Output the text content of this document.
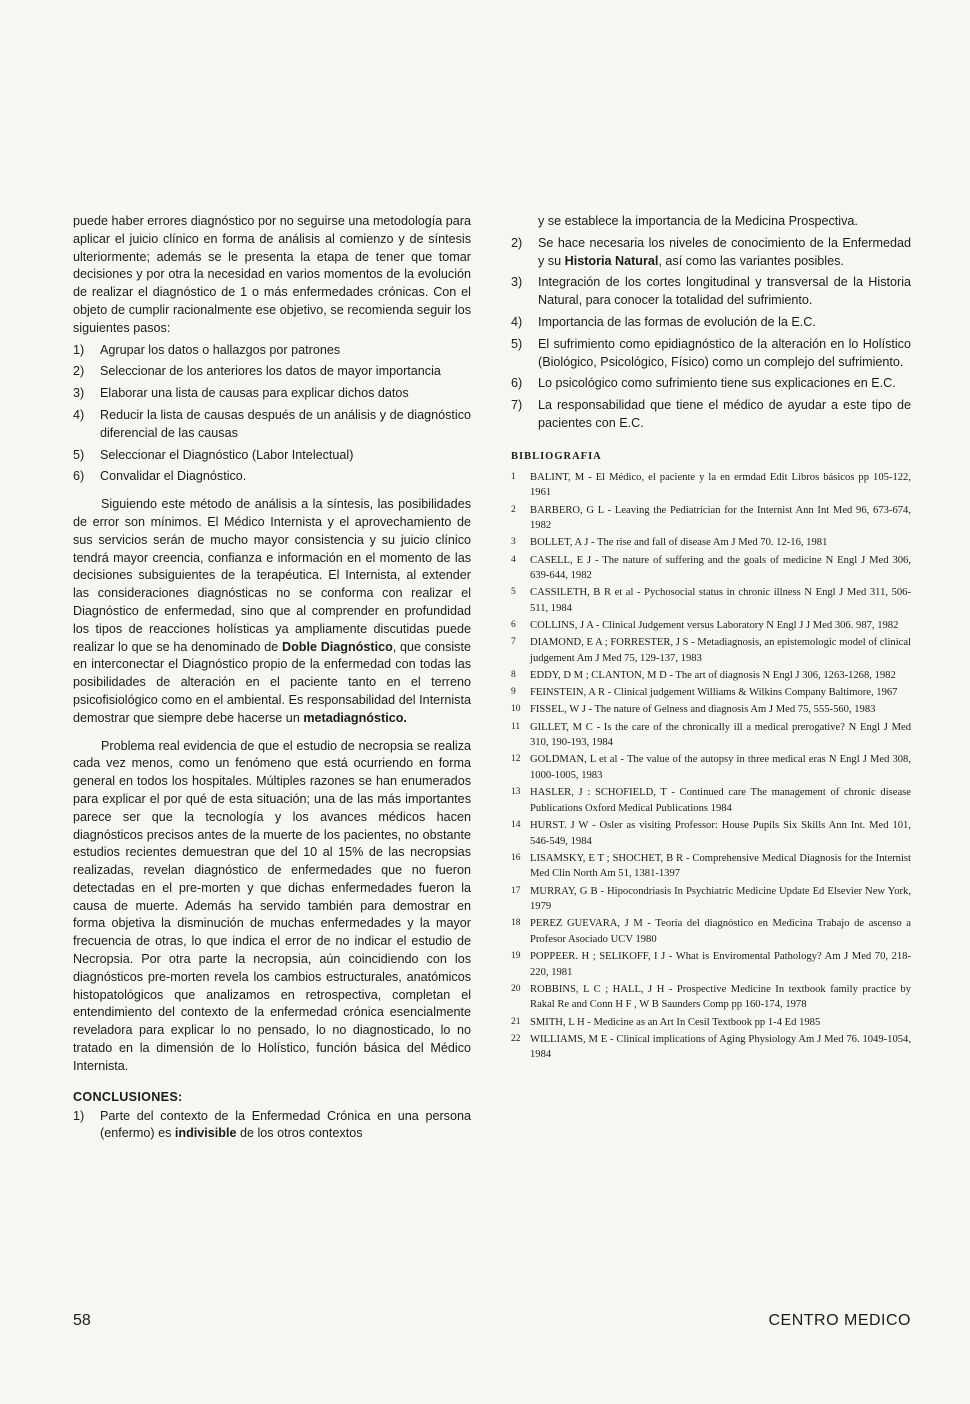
puede haber errores diagnóstico por no seguirse una metodología para aplicar el juicio clínico en forma de análisis al comienzo y de síntesis ulteriormente; además se le presenta la etapa de tener que tomar decisiones y por otra la necesidad en varios momentos de la evolución de realizar el diagnóstico de 1 o más enfermedades crónicas. Con el objeto de cumplir racionalmente ese objetivo, se recomienda seguir los siguientes pasos:

1) Agrupar los datos o hallazgos por patrones
2) Seleccionar de los anteriores los datos de mayor importancia
3) Elaborar una lista de causas para explicar dichos datos
4) Reducir la lista de causas después de un análisis y de diagnóstico diferencial de las causas
5) Seleccionar el Diagnóstico (Labor Intelectual)
6) Convalidar el Diagnóstico.

Siguiendo este método de análisis a la síntesis, las posibilidades de error son mínimos. El Médico Internista y el aprovechamiento de sus servicios serán de mucho mayor consistencia y su juicio clínico tendrá mayor creencia, confianza e información en el momento de las decisiones subsiguientes de la terapéutica. El Internista, al extender las consideraciones diagnósticas no se conforma con realizar el Diagnóstico de enfermedad, sino que al comprender en profundidad los tipos de reacciones holísticas ya ampliamente discutidas puede realizar lo que se ha denominado de Doble Diagnóstico, que consiste en interconectar el Diagnóstico propio de la enfermedad con todas las posibilidades de alteración en el paciente tanto en el terreno psicofisiológico como en el ambiental. Es responsabilidad del Internista demostrar que siempre debe hacerse un metadiagnóstico.

Problema real evidencia de que el estudio de necropsia se realiza cada vez menos, como un fenómeno que está ocurriendo en forma general en todos los hospitales. Múltiples razones se han enumerados para explicar el por qué de esta situación; una de las más importantes parece ser que la tecnología y los avances médicos hacen diagnósticos precisos antes de la muerte de los pacientes, no obstante estudios recientes demuestran que del 10 al 15% de las necropsias realizadas, revelan diagnóstico de enfermedades que no fueron detectadas en el pre-morten y que dichas enfermedades fueron la causa de muerte. Además ha servido también para demostrar en forma objetiva la disminución de muchas enfermedades y la mayor frecuencia de otras, lo que indica el error de no indicar el estudio de Necropsia. Por otra parte la necropsia, aún coincidiendo con los diagnósticos pre-morten revela los cambios estructurales, anatómicos histopatológicos que analizamos en retrospectiva, completan el entendimiento del contexto de la enfermedad crónica esencialmente reveladora para explicar lo no pensado, lo no diagnosticado, lo no tratado en la dimensión de lo Holístico, función básica del Médico Internista.

CONCLUSIONES:
1) Parte del contexto de la Enfermedad Crónica en una persona (enfermo) es indivisible de los otros contextos
y se establece la importancia de la Medicina Prospectiva.
2) Se hace necesaria los niveles de conocimiento de la Enfermedad y su Historia Natural, así como las variantes posibles.
3) Integración de los cortes longitudinal y transversal de la Historia Natural, para conocer la totalidad del sufrimiento.
4) Importancia de las formas de evolución de la E.C.
5) El sufrimiento como epidiagnóstico de la alteración en lo Holístico (Biológico, Psicológico, Físico) como un complejo del sufrimiento.
6) Lo psicológico como sufrimiento tiene sus explicaciones en E.C.
7) La responsabilidad que tiene el médico de ayudar a este tipo de pacientes con E.C.
BIBLIOGRAFIA
1 BALINT, M - El Médico, el paciente y la en ermdad Edit Libros básicos pp 105-122, 1961
2 BARBERO, G L - Leaving the Pediatrician for the Internist Ann Int Med 96, 673-674, 1982
3 BOLLET, A J - The rise and fall of disease Am J Med 70. 12-16, 1981
4 CASELL, E J - The nature of suffering and the goals of medicine N Engl J Med 306, 639-644, 1982
5 CASSILETH, B R et al - Pychosocial status in chronic illness N Engl J Med 311, 506-511, 1984
6 COLLINS, J A - Clinical Judgement versus Laboratory N Engl J J Med 306. 987, 1982
7 DIAMOND, E A ; FORRESTER, J S - Metadiagnosis, an epistemologic model of clinical judgement Am J Med 75, 129-137, 1983
8 EDDY, D M ; CLANTON, M D - The art of diagnosis N Engl J 306, 1263-1268, 1982
9 FEINSTEIN, A R - Clinical judgement Williams & Wilkins Company Baltimore, 1967
10 FISSEL, W J - The nature of Gelness and diagnosis Am J Med 75, 555-560, 1983
11 GILLET, M C - Is the care of the chronically ill a medical prerogative? N Engl J Med 310, 190-193, 1984
12 GOLDMAN, L et al - The value of the autopsy in three medical eras N Engl J Med 308, 1000-1005, 1983
13 HASLER, J : SCHOFIELD, T - Continued care The management of chronic disease Publications Oxford Medical Publications 1984
14 HURST. J W - Osler as visiting Professor: House Pupils Six Skills Ann Int. Med 101, 546-549, 1984
16 LISAMSKY, E T ; SHOCHET, B R - Comprehensive Medical Diagnosis for the Internist Med Clin North Am 51, 1381-1397
17 MURRAY, G B - Hipocondriasis In Psychiatric Medicine Update Ed Elsevier New York, 1979
18 PEREZ GUEVARA, J M - Teoría del diagnóstico en Medicina Trabajo de ascenso a Profesor Asociado UCV 1980
19 POPPEER. H ; SELIKOFF, I J - What is Enviromental Pathology? Am J Med 70, 218-220, 1981
20 ROBBINS, L C ; HALL, J H - Prospective Medicine In textbook family practice by Rakal Re and Conn H F , W B Saunders Comp pp 160-174, 1978
21 SMITH, L H - Medicine as an Art In Cesil Textbook pp 1-4 Ed 1985
22 WILLIAMS, M E - Clinical implications of Aging Physiology Am J Med 76. 1049-1054, 1984
58	CENTRO MEDICO
